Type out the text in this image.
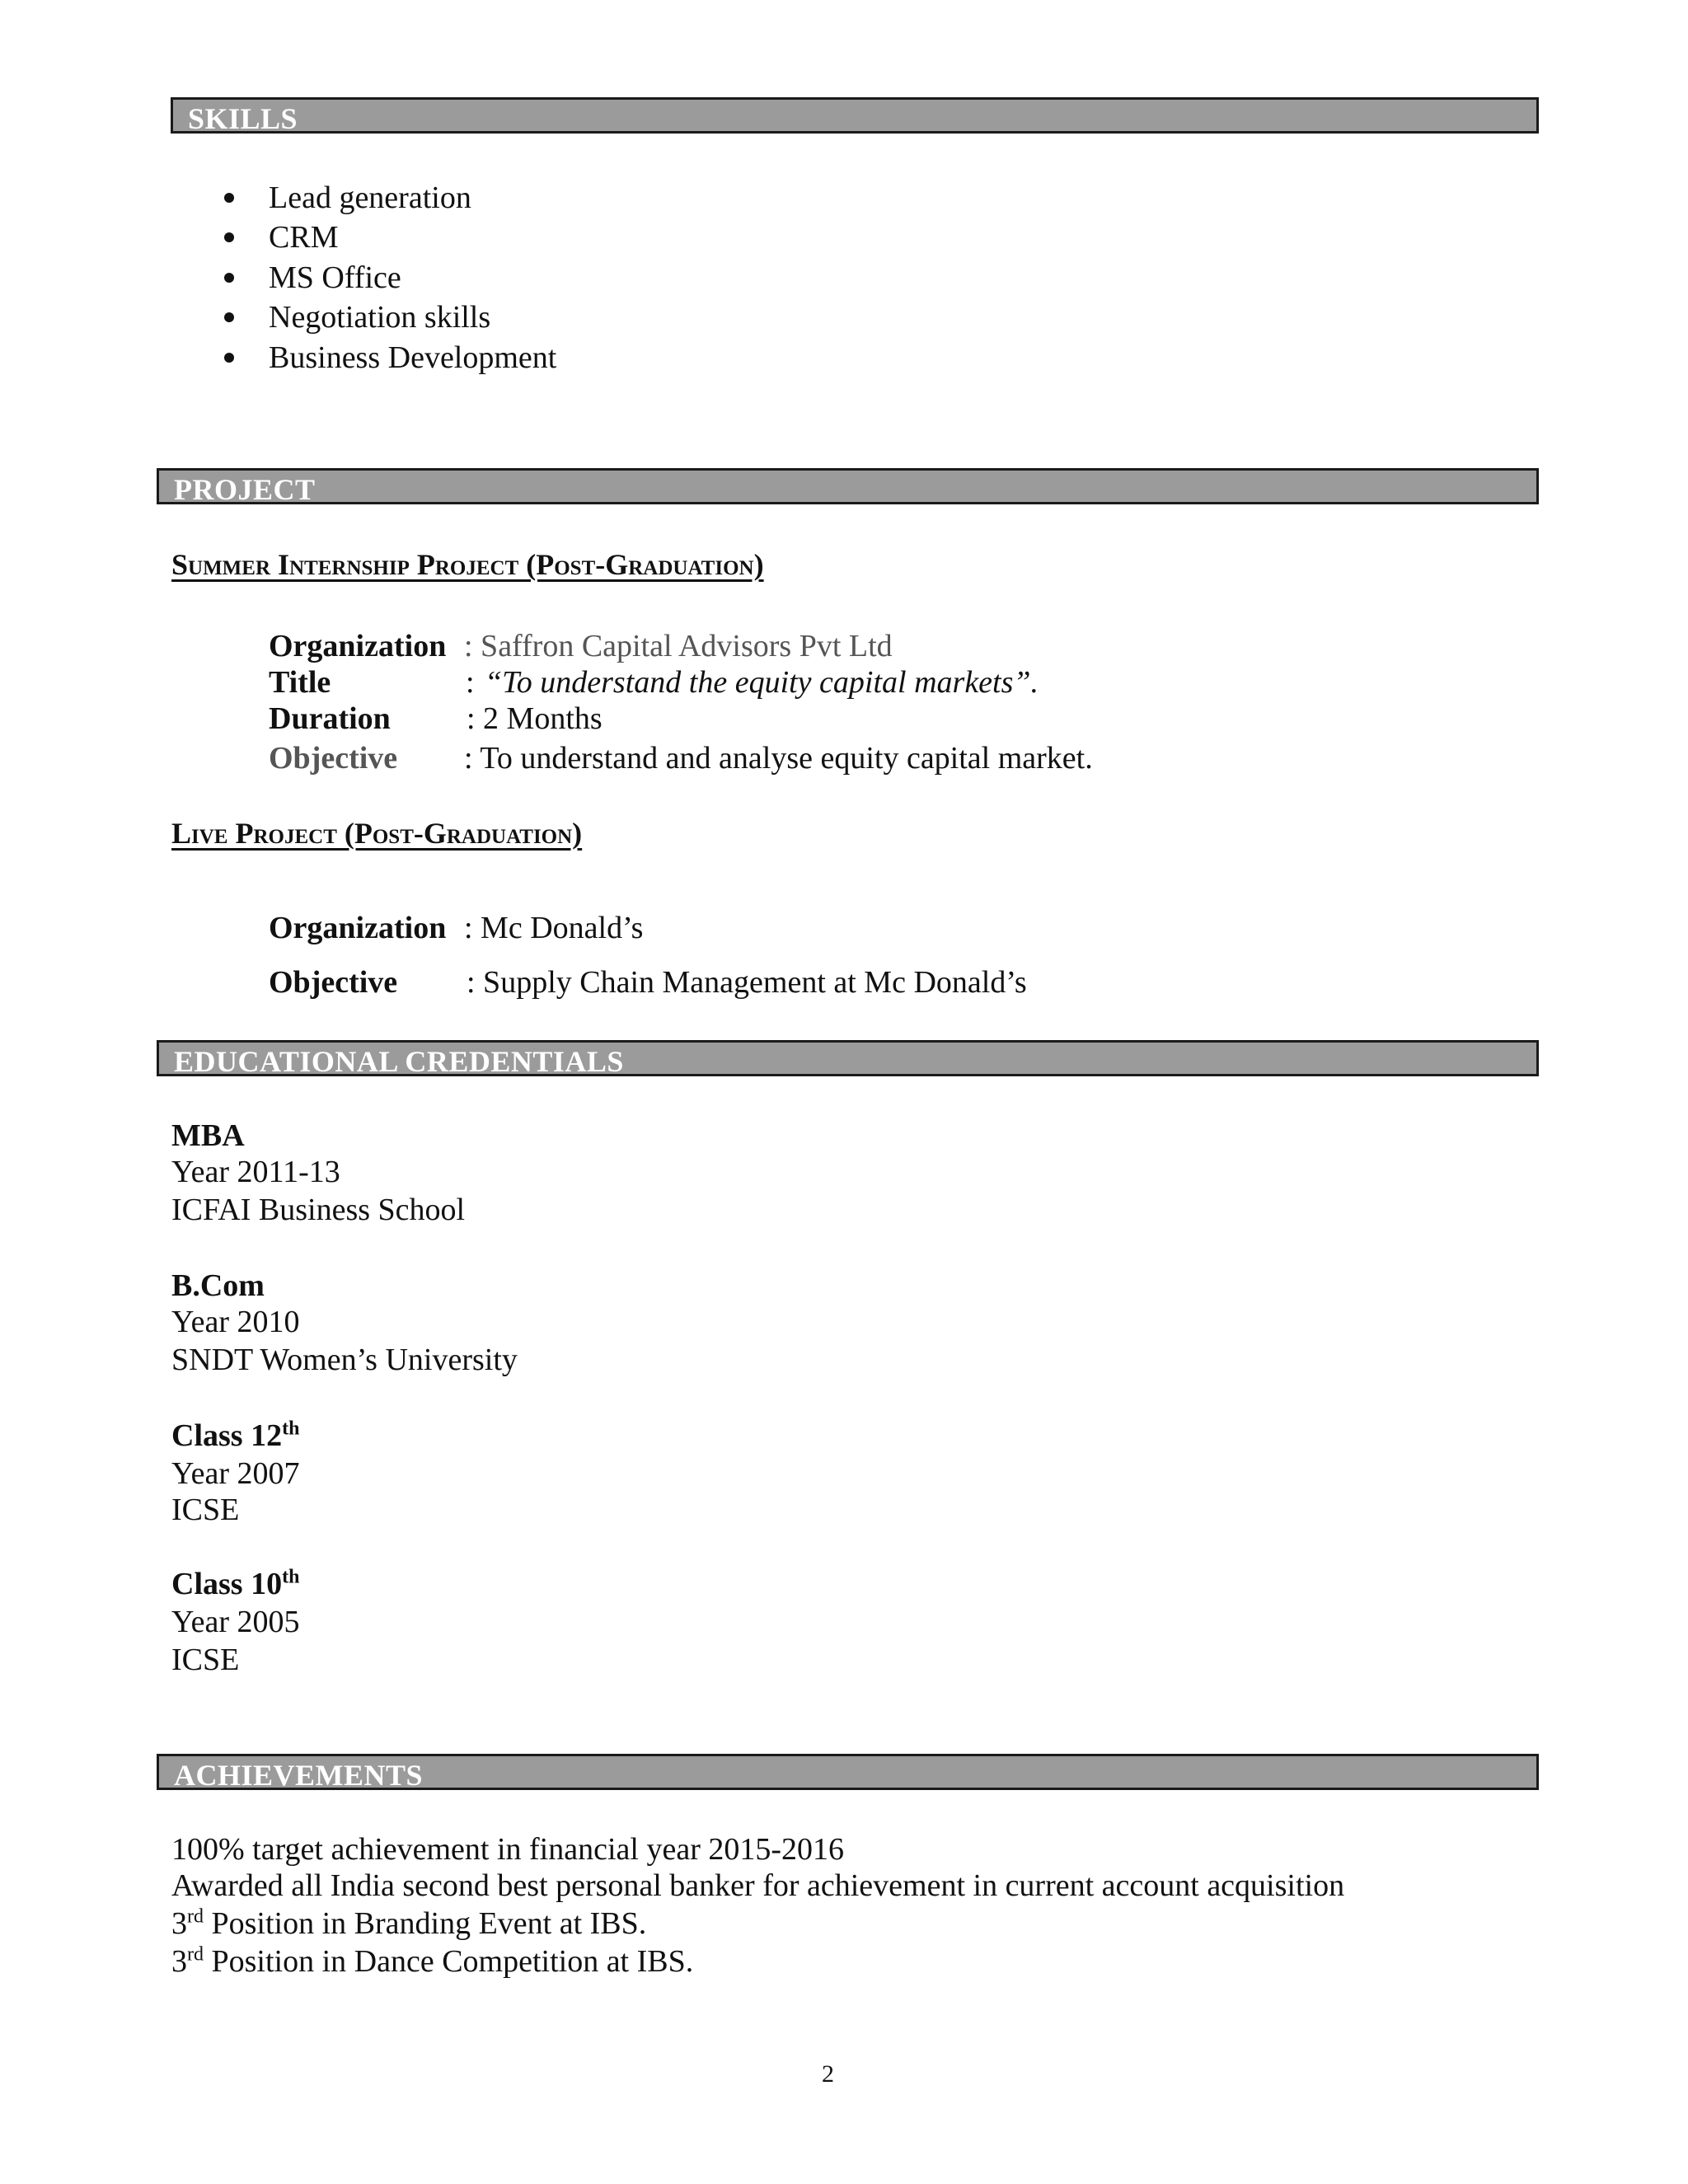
SKILLS
Lead generation
CRM
MS Office
Negotiation skills
Business Development
PROJECT
Summer Internship Project (Post-Graduation)
Organization : Saffron Capital Advisors Pvt Ltd
Title	: “To understand the equity capital markets”.
Duration : 2 Months
Objective : To understand and analyse equity capital market.
Live Project (Post-Graduation)
Organization : Mc Donald’s
Objective : Supply Chain Management at Mc Donald’s
EDUCATIONAL CREDENTIALS
MBA
Year 2011-13
ICFAI Business School
B.Com
Year 2010
SNDT Women’s University
Class 12th
Year 2007
ICSE
Class 10th
Year 2005
ICSE
ACHIEVEMENTS
100% target achievement in financial year 2015-2016
Awarded all India second best personal banker for achievement in current account acquisition
3rd Position in Branding Event at IBS.
3rd Position in Dance Competition at IBS.
2
